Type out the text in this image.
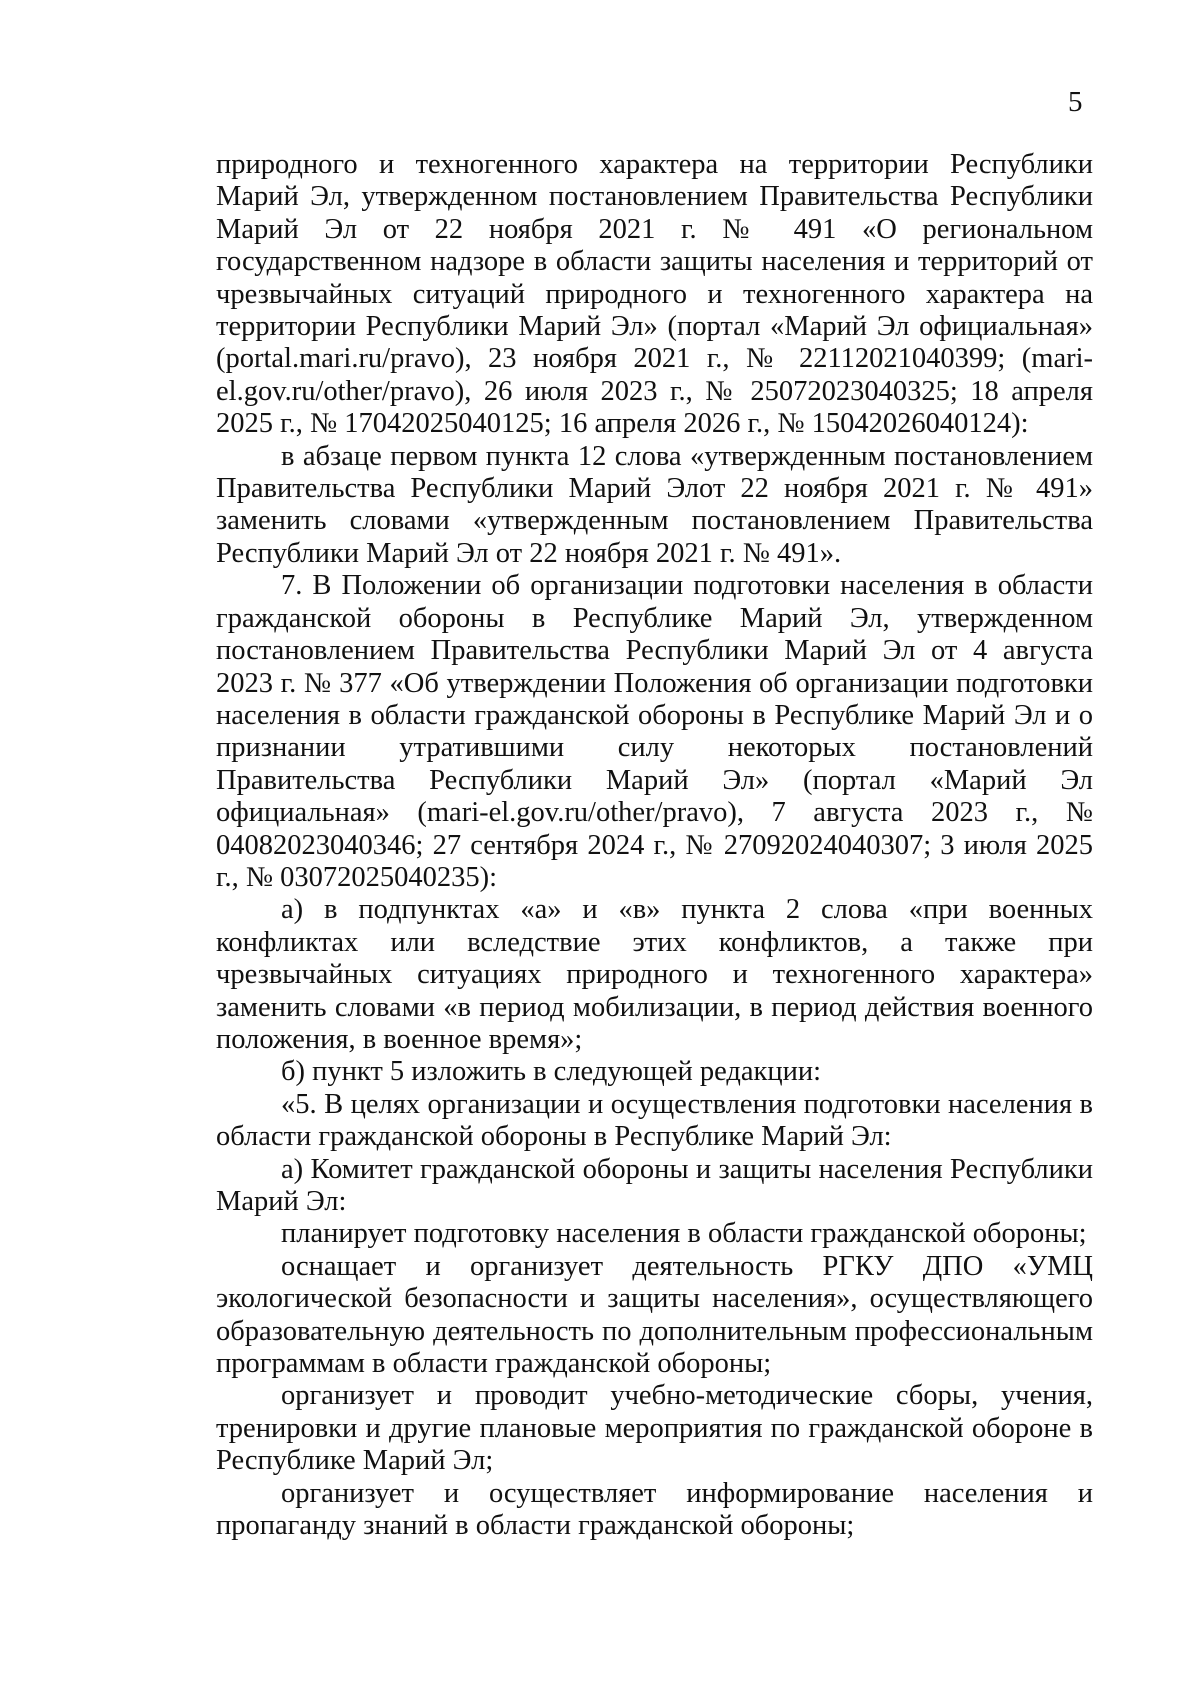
5

природного и техногенного характера на территории Республики Марий Эл, утвержденном постановлением Правительства Республики Марий Эл от 22 ноября 2021 г. № 491 «О региональном государственном надзоре в области защиты населения и территорий от чрезвычайных ситуаций природного и техногенного характера на территории Республики Марий Эл» (портал «Марий Эл официальная» (portal.mari.ru/pravo), 23 ноября 2021 г., № 22112021040399; (mari-el.gov.ru/other/pravo), 26 июля 2023 г., № 25072023040325; 18 апреля 2025 г., № 17042025040125; 16 апреля 2026 г., № 15042026040124):

в абзаце первом пункта 12 слова «утвержденным постановлением Правительства Республики Марий Элот 22 ноября 2021 г. № 491» заменить словами «утвержденным постановлением Правительства Республики Марий Эл от 22 ноября 2021 г. № 491».

7. В Положении об организации подготовки населения в области гражданской обороны в Республике Марий Эл, утвержденном постановлением Правительства Республики Марий Эл от 4 августа 2023 г. № 377 «Об утверждении Положения об организации подготовки населения в области гражданской обороны в Республике Марий Эл и о признании утратившими силу некоторых постановлений Правительства Республики Марий Эл» (портал «Марий Эл официальная» (mari-el.gov.ru/other/pravo), 7 августа 2023 г., № 04082023040346; 27 сентября 2024 г., № 27092024040307; 3 июля 2025 г., № 03072025040235):

а) в подпунктах «а» и «в» пункта 2 слова «при военных конфликтах или вследствие этих конфликтов, а также при чрезвычайных ситуациях природного и техногенного характера» заменить словами «в период мобилизации, в период действия военного положения, в военное время»;

б) пункт 5 изложить в следующей редакции:

«5. В целях организации и осуществления подготовки населения в области гражданской обороны в Республике Марий Эл:

а) Комитет гражданской обороны и защиты населения Республики Марий Эл:

планирует подготовку населения в области гражданской обороны;

оснащает и организует деятельность РГКУ ДПО «УМЦ экологической безопасности и защиты населения», осуществляющего образовательную деятельность по дополнительным профессиональным программам в области гражданской обороны;

организует и проводит учебно-методические сборы, учения, тренировки и другие плановые мероприятия по гражданской обороне в Республике Марий Эл;

организует и осуществляет информирование населения и пропаганду знаний в области гражданской обороны;
